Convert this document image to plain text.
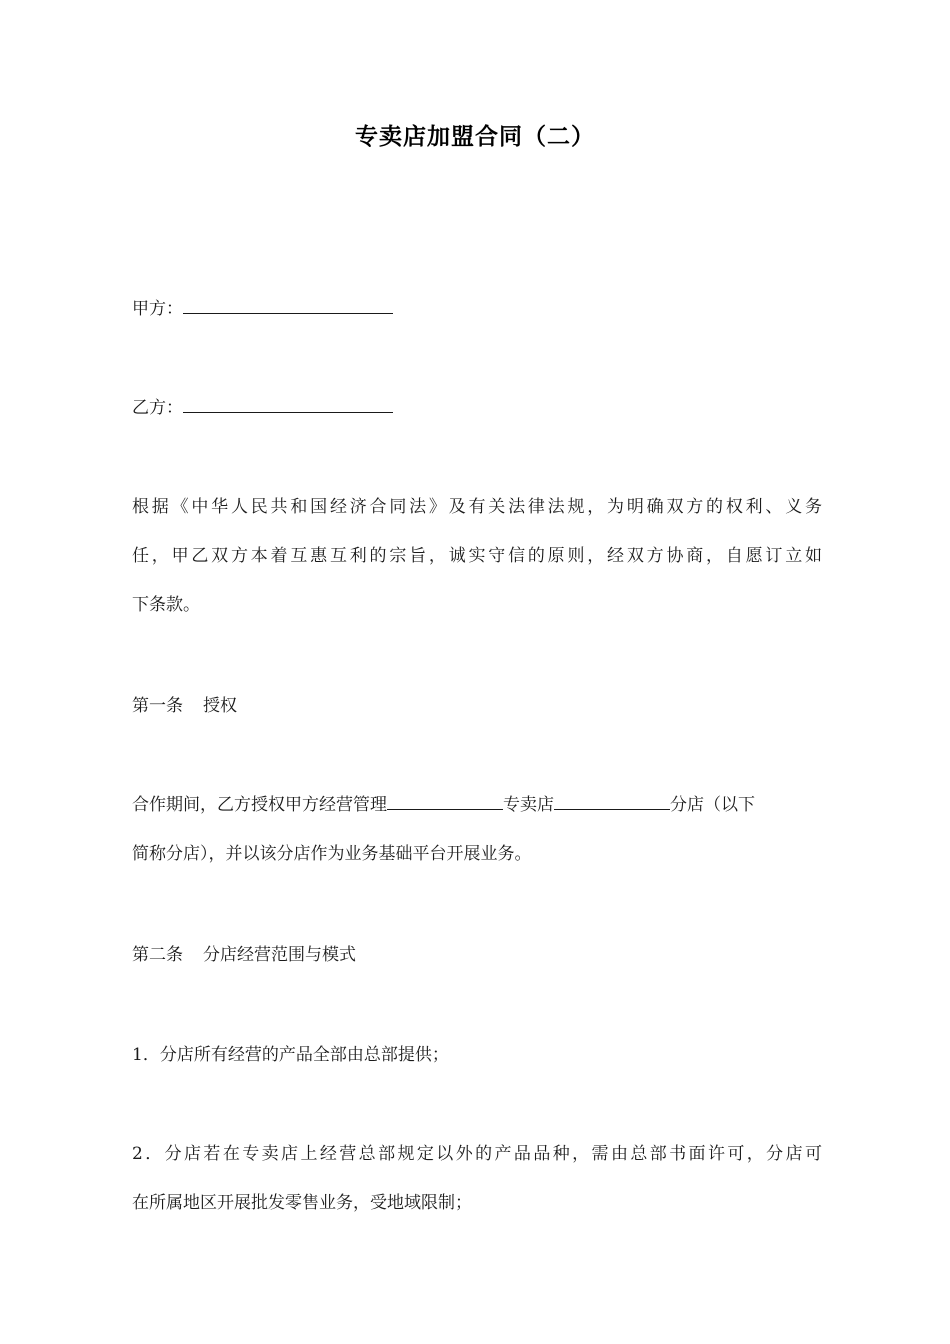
专卖店加盟合同（二）
甲方：
乙方：
根据《中华人民共和国经济合同法》及有关法律法规，为明确双方的权利、义务
任，甲乙双方本着互惠互利的宗旨，诚实守信的原则，经双方协商，自愿订立如
下条款。
第一条 授权
合作期间，乙方授权甲方经营管理	专卖店	分店（以下
简称分店），并以该分店作为业务基础平台开展业务。
第二条 分店经营范围与模式
1．分店所有经营的产品全部由总部提供；
2．分店若在专卖店上经营总部规定以外的产品品种，需由总部书面许可，分店可
在所属地区开展批发零售业务，受地域限制；
